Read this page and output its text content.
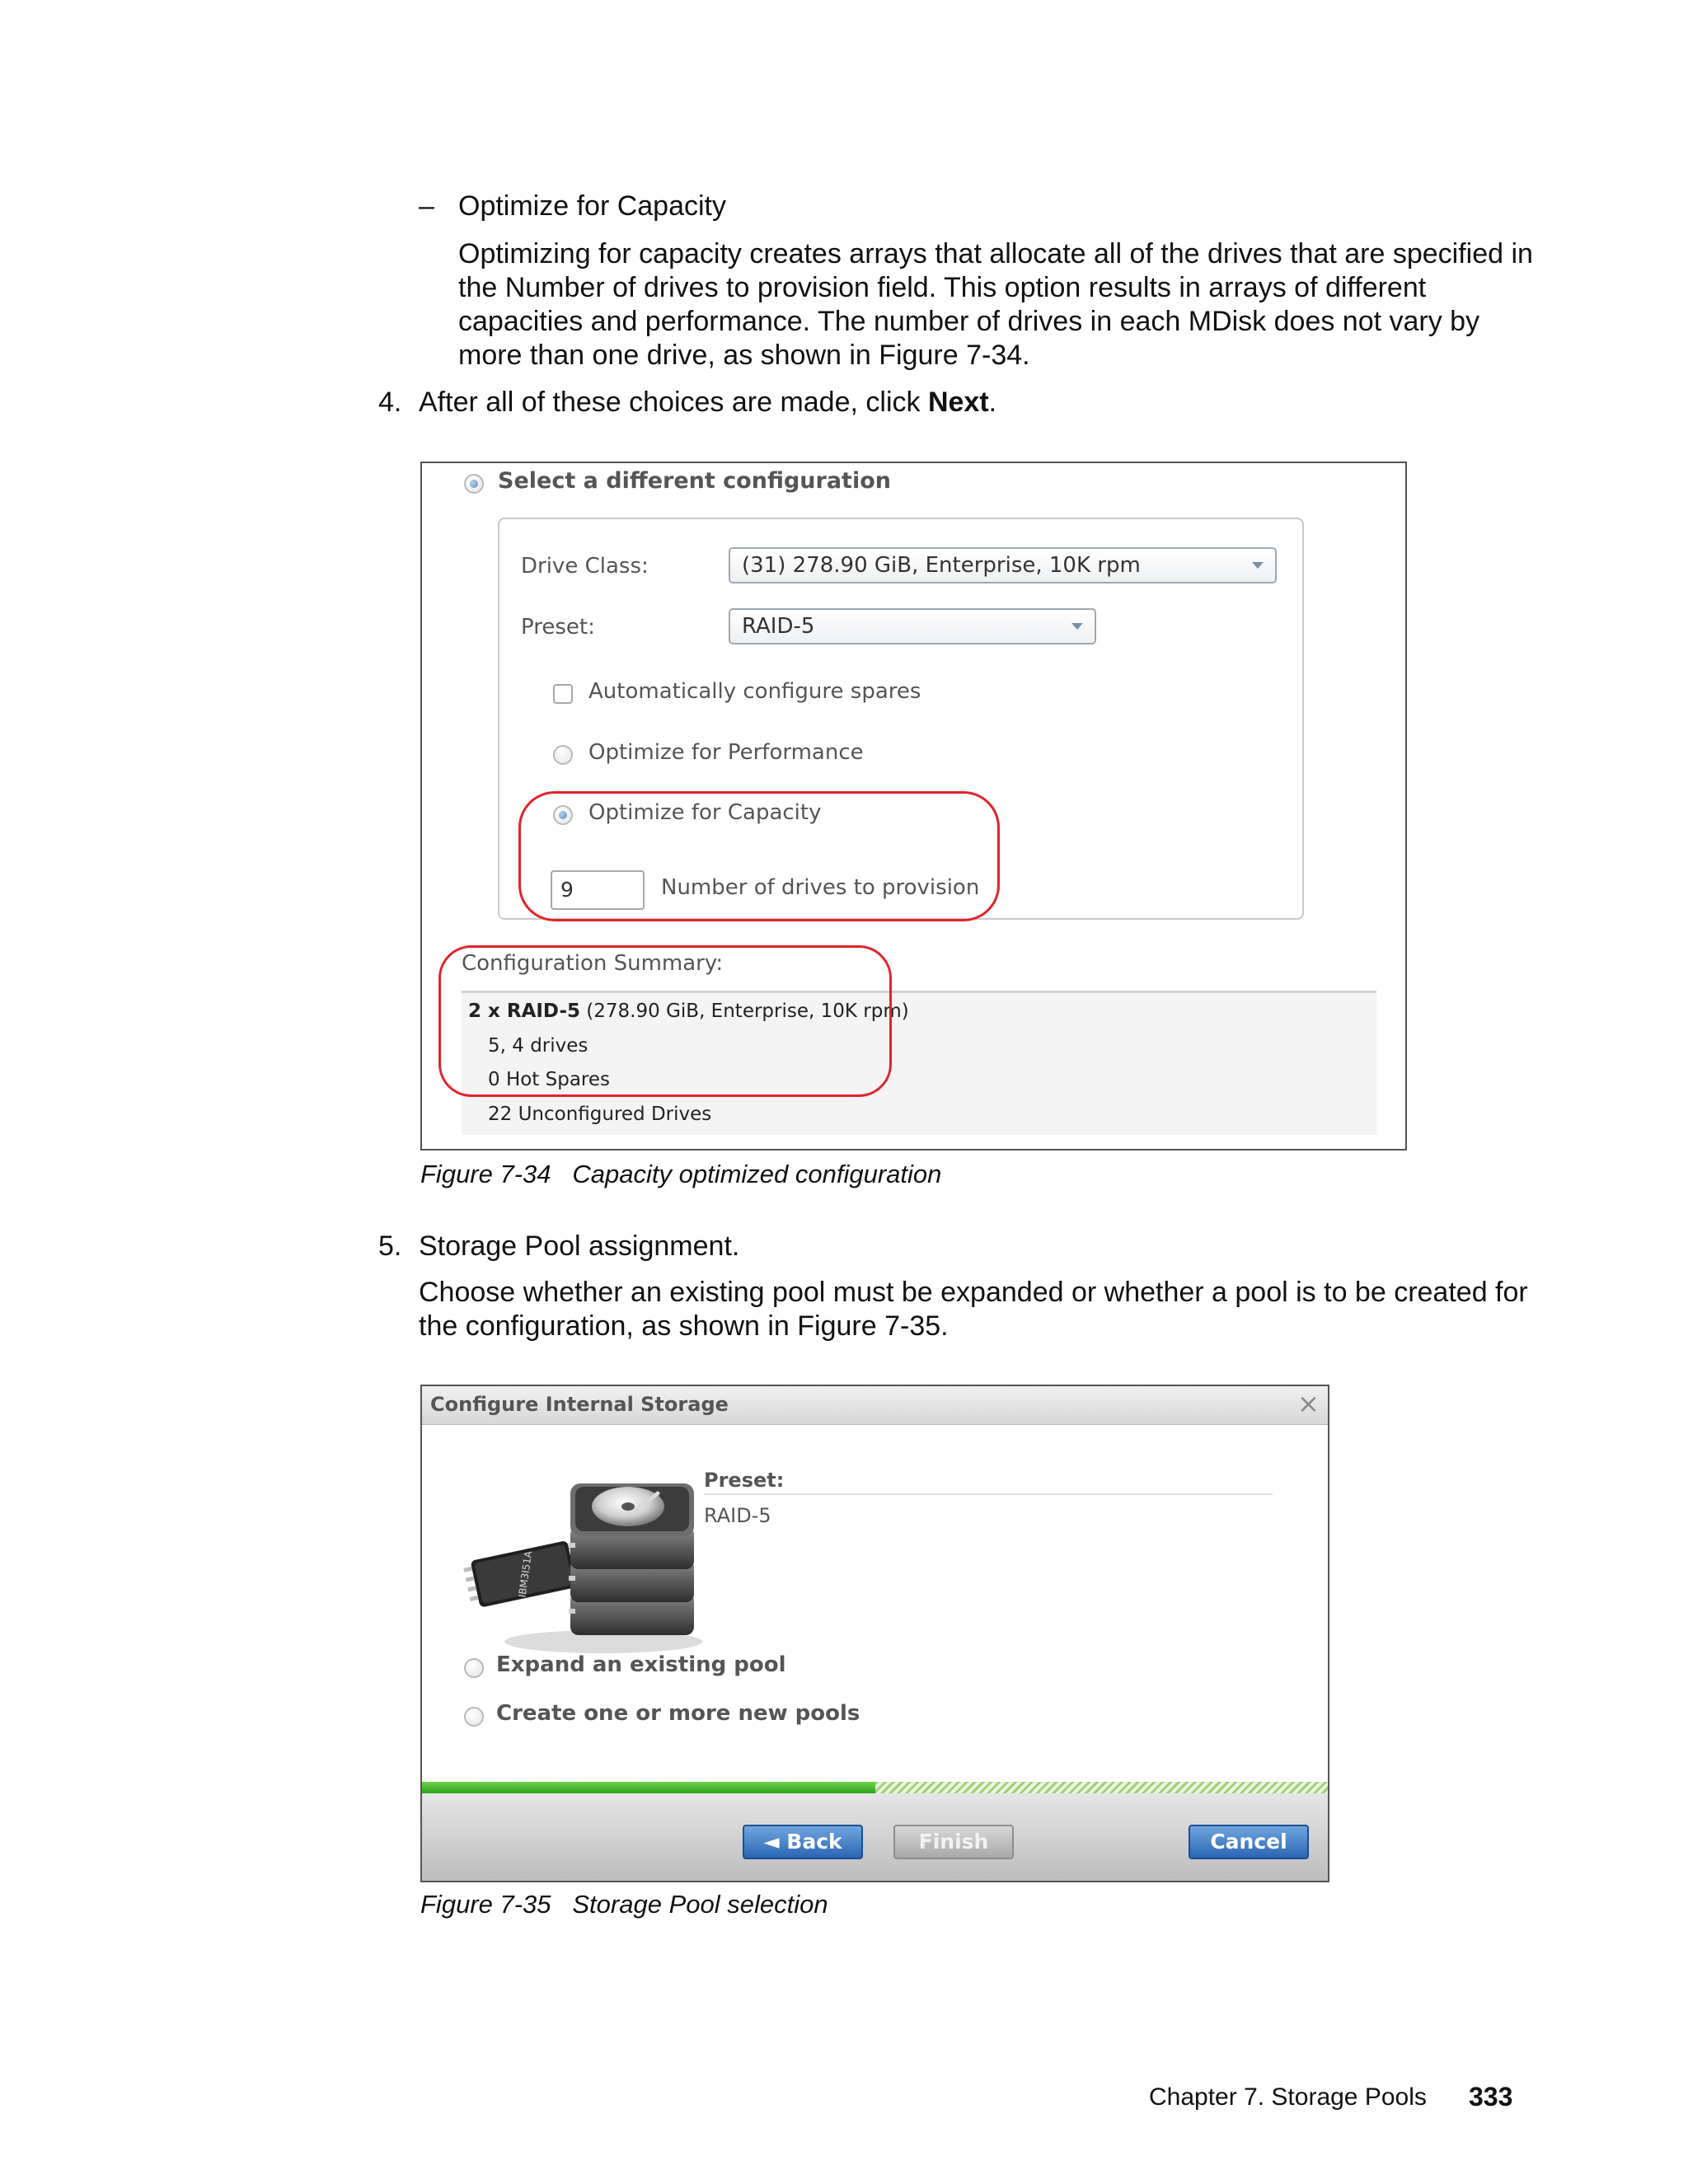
– Optimize for Capacity
Optimizing for capacity creates arrays that allocate all of the drives that are specified in
the Number of drives to provision field. This option results in arrays of different
capacities and performance. The number of drives in each MDisk does not vary by
more than one drive, as shown in Figure 7-34.
4. After all of these choices are made, click Next.
Select a different configuration
Drive Class:	(31) 278.90 GiB, Enterprise, 10K rpm
Preset:	RAID-5
Automatically configure spares
Optimize for Performance
Optimize for Capacity
9	Number of drives to provision
Configuration Summary:
2 x RAID-5 (278.90 GiB, Enterprise, 10K rpm)
5, 4 drives
0 Hot Spares
22 Unconfigured Drives
Figure 7-34 Capacity optimized configuration
5. Storage Pool assignment.
Choose whether an existing pool must be expanded or whether a pool is to be created for
the configuration, as shown in Figure 7-35.
Configure Internal Storage	×
IBM3I51A
Preset:
RAID-5
Expand an existing pool
Create one or more new pools
◄ Back	Finish	Cancel
Figure 7-35 Storage Pool selection
Chapter 7. Storage Pools 333
